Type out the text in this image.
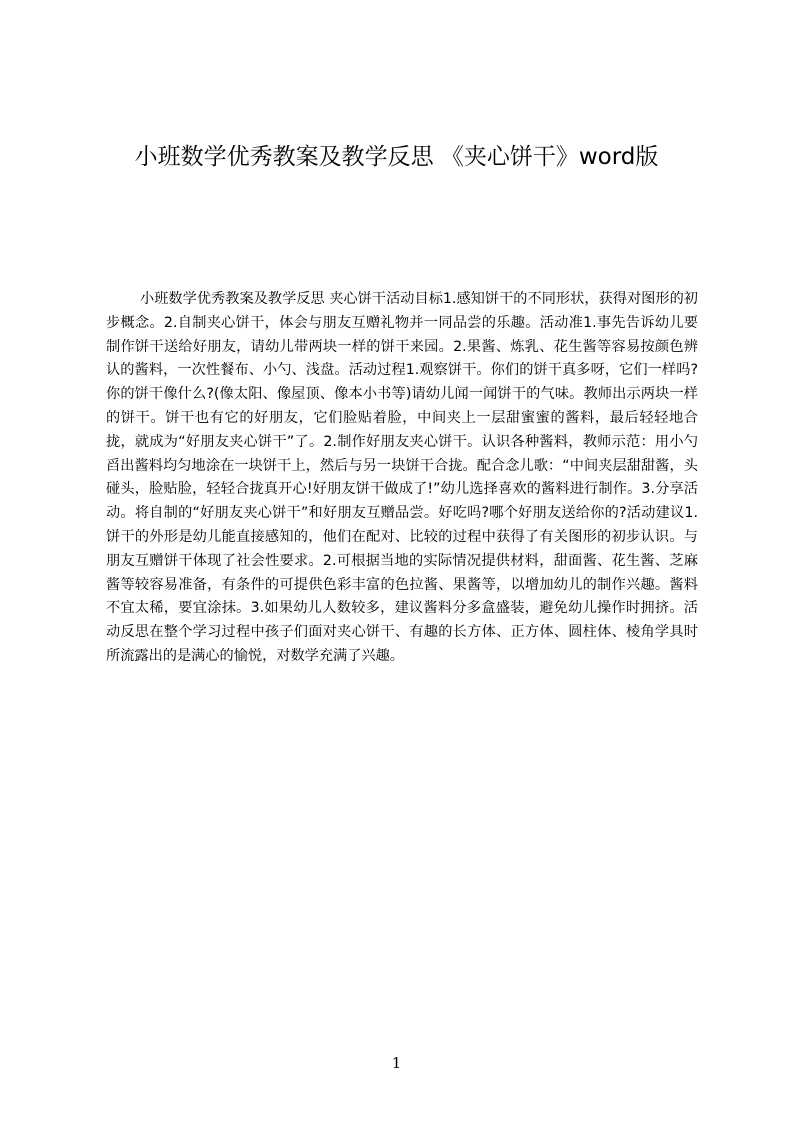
小班数学优秀教案及教学反思 《夹心饼干》word版

小班数学优秀教案及教学反思 夹心饼干活动目标1.感知饼干的不同形状，获得对图形的初步概念。2.自制夹心饼干，体会与朋友互赠礼物并一同品尝的乐趣。活动准1.事先告诉幼儿要制作饼干送给好朋友，请幼儿带两块一样的饼干来园。2.果酱、炼乳、花生酱等容易按颜色辨认的酱料，一次性餐布、小勺、浅盘。活动过程1.观察饼干。你们的饼干真多呀，它们一样吗?你的饼干像什么?(像太阳、像屋顶、像本小书等)请幼儿闻一闻饼干的气味。教师出示两块一样的饼干。饼干也有它的好朋友，它们脸贴着脸，中间夹上一层甜蜜蜜的酱料，最后轻轻地合拢，就成为“好朋友夹心饼干”了。2.制作好朋友夹心饼干。认识各种酱料，教师示范：用小勺舀出酱料均匀地涂在一块饼干上，然后与另一块饼干合拢。配合念儿歌：“中间夹层甜甜酱，头碰头，脸贴脸，轻轻合拢真开心!好朋友饼干做成了!”幼儿选择喜欢的酱料进行制作。3.分享活动。将自制的“好朋友夹心饼干”和好朋友互赠品尝。好吃吗?哪个好朋友送给你的?活动建议1.饼干的外形是幼儿能直接感知的，他们在配对、比较的过程中获得了有关图形的初步认识。与朋友互赠饼干体现了社会性要求。2.可根据当地的实际情况提供材料，甜面酱、花生酱、芝麻酱等较容易准备，有条件的可提供色彩丰富的色拉酱、果酱等，以增加幼儿的制作兴趣。酱料不宜太稀，要宜涂抹。3.如果幼儿人数较多，建议酱料分多盒盛装，避免幼儿操作时拥挤。活动反思在整个学习过程中孩子们面对夹心饼干、有趣的长方体、正方体、圆柱体、棱角学具时所流露出的是满心的愉悦，对数学充满了兴趣。

1
